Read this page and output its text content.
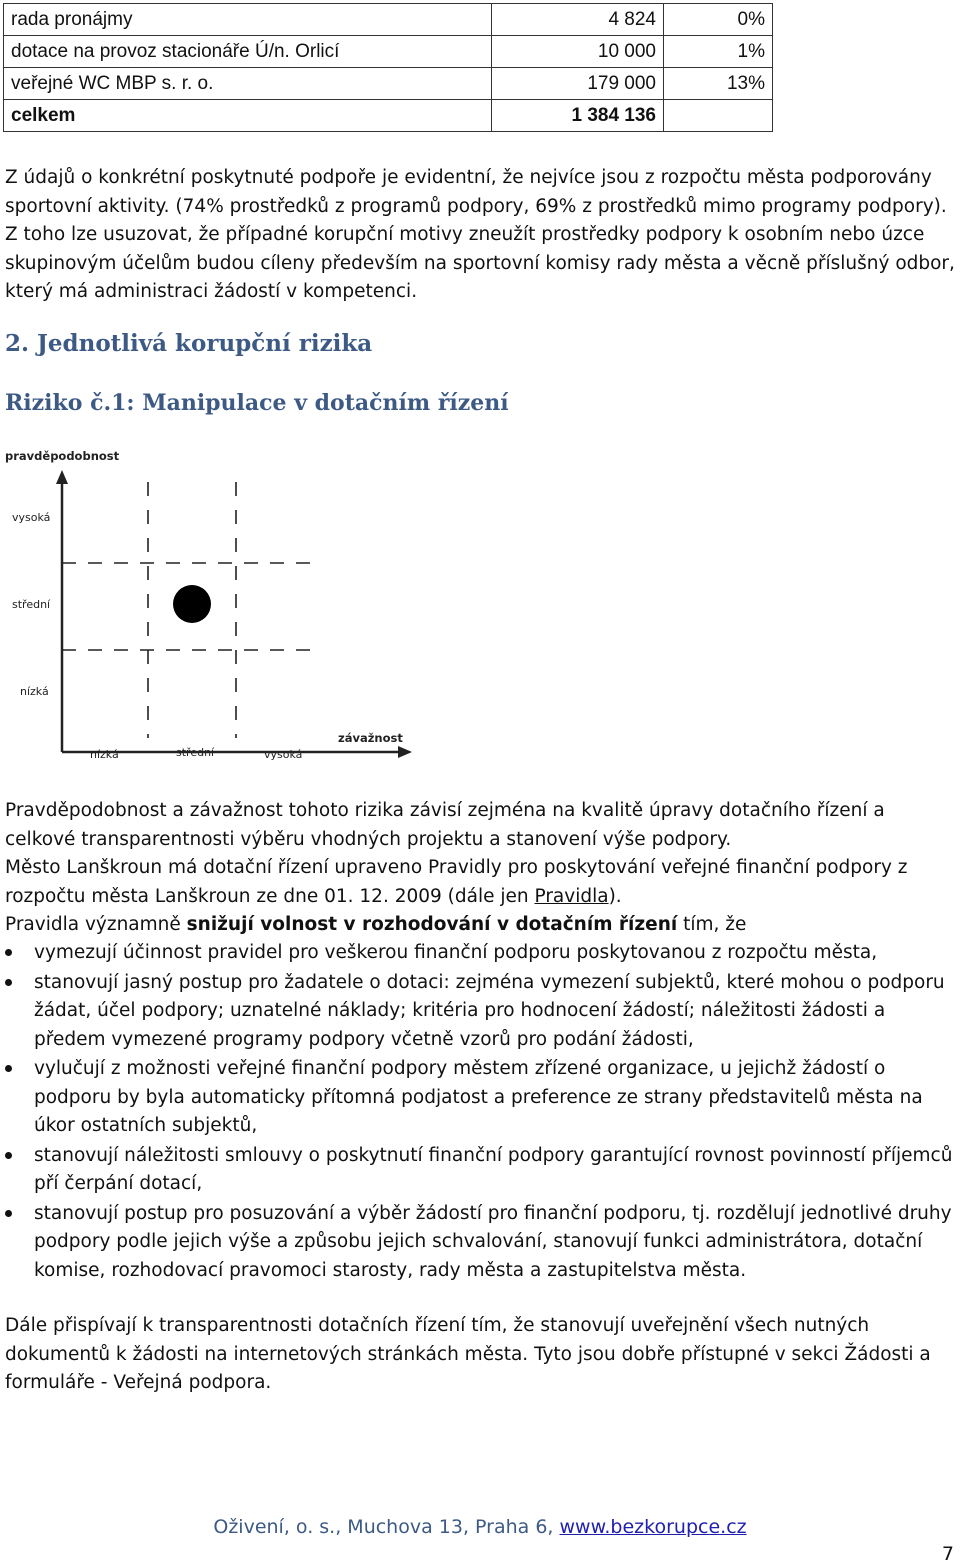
rada pronájmy	4 824	0%
dotace na provoz stacionáře Ú/n. Orlicí	10 000	1%
veřejné WC MBP s. r. o.	179 000	13%
celkem	1 384 136	
Z údajů o konkrétní poskytnuté podpoře je evidentní, že nejvíce jsou z rozpočtu města podporovány sportovní aktivity. (74% prostředků z programů podpory, 69% z prostředků mimo programy podpory). Z toho lze usuzovat, že případné korupční motivy zneužít prostředky podpory k osobním nebo úzce skupinovým účelům budou cíleny především na sportovní komisy rady města a věcně příslušný odbor, který má administraci žádostí v kompetenci.
2. Jednotlivá korupční rizika
Riziko č.1: Manipulace v dotačním řízení
pravděpodobnost
závažnost
vysoká
střední
nízká
nízká	střední	vysoká
Pravděpodobnost a závažnost tohoto rizika závisí zejména na kvalitě úpravy dotačního řízení a celkové transparentnosti výběru vhodných projektu a stanovení výše podpory.
Město Lanškroun má dotační řízení upraveno Pravidly pro poskytování veřejné finanční podpory z rozpočtu města Lanškroun ze dne 01. 12. 2009 (dále jen Pravidla).
Pravidla významně snižují volnost v rozhodování v dotačním řízení tím, že
vymezují účinnost pravidel pro veškerou finanční podporu poskytovanou z rozpočtu města,
stanovují jasný postup pro žadatele o dotaci: zejména vymezení subjektů, které mohou o podporu žádat, účel podpory; uznatelné náklady; kritéria pro hodnocení žádostí; náležitosti žádosti a předem vymezené programy podpory včetně vzorů pro podání žádosti,
vylučují z možnosti veřejné finanční podpory městem zřízené organizace, u jejichž žádostí o podporu by byla automaticky přítomná podjatost a preference ze strany představitelů města na úkor ostatních subjektů,
stanovují náležitosti smlouvy o poskytnutí finanční podpory garantující rovnost povinností příjemců pří čerpání dotací,
stanovují postup pro posuzování a výběr žádostí pro finanční podporu, tj. rozdělují jednotlivé druhy podpory podle jejich výše a způsobu jejich schvalování, stanovují funkci administrátora, dotační komise, rozhodovací pravomoci starosty, rady města a zastupitelstva města.
Dále přispívají k transparentnosti dotačních řízení tím, že stanovují uveřejnění všech nutných dokumentů k žádosti na internetových stránkách města. Tyto jsou dobře přístupné v sekci Žádosti a formuláře - Veřejná podpora.
Oživení, o. s., Muchova 13, Praha 6, www.bezkorupce.cz
7
